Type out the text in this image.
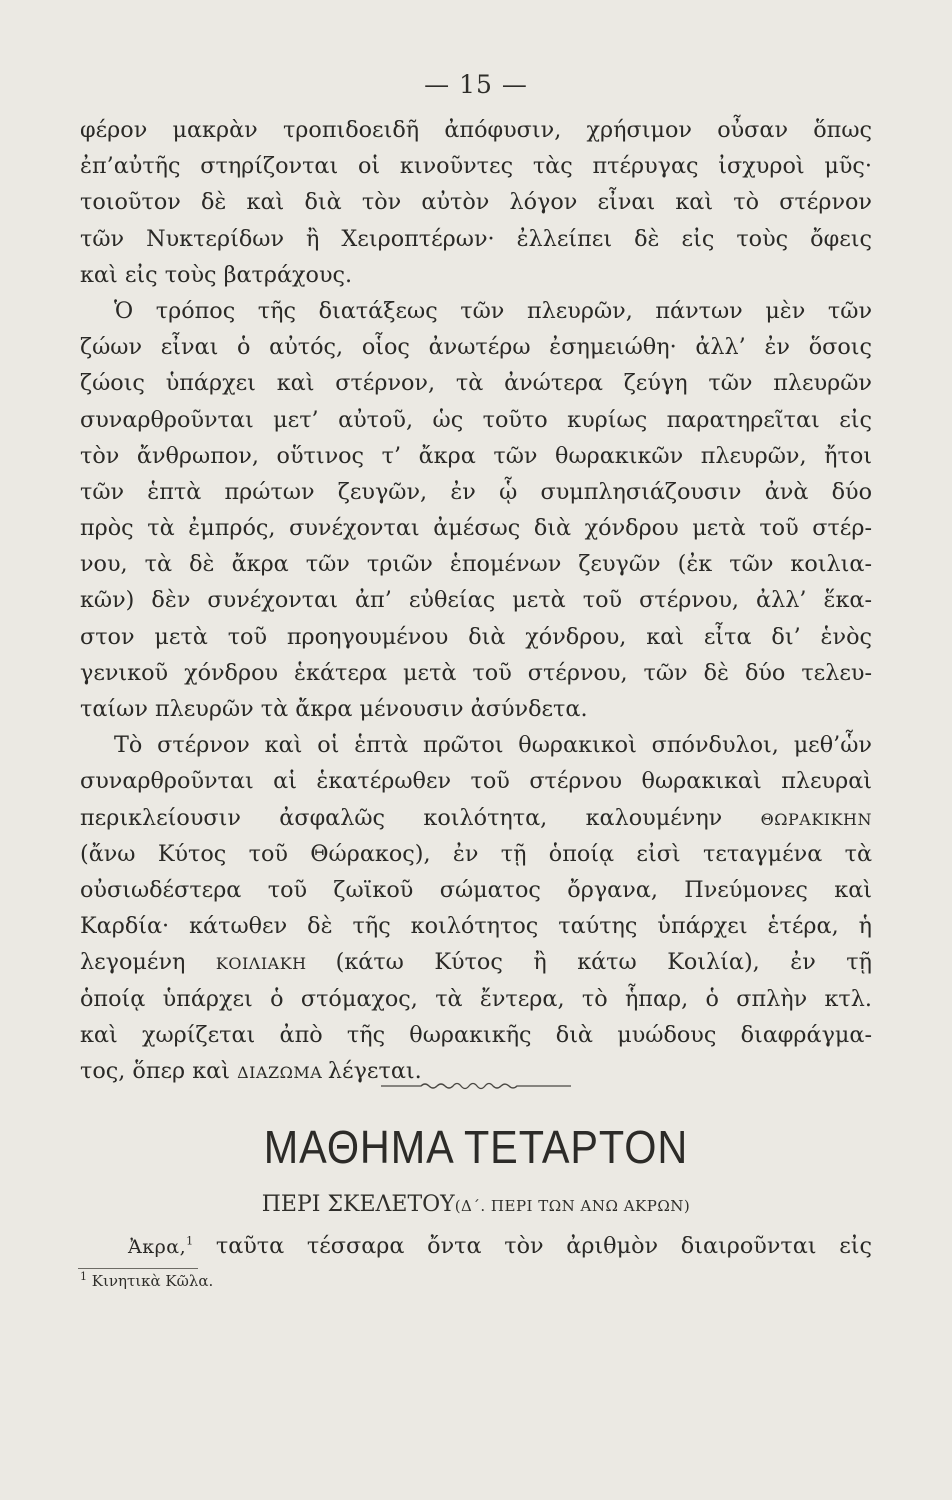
— 15 —
φέρον μακρὰν τροπιδοειδῆ ἀπόφυσιν, χρήσιμον οὖσαν ὅπως
ἐπ’αὐτῆς στηρίζονται οἱ κινοῦντες τὰς πτέρυγας ἰσχυροὶ μῦς·
τοιοῦτον δὲ καὶ διὰ τὸν αὐτὸν λόγον εἶναι καὶ τὸ στέρνον
τῶν Νυκτερίδων ἢ Χειροπτέρων· ἐλλείπει δὲ εἰς τοὺς ὄφεις
καὶ εἰς τοὺς βατράχους.
Ὁ τρόπος τῆς διατάξεως τῶν πλευρῶν, πάντων μὲν τῶν
ζώων εἶναι ὁ αὐτός, οἷος ἀνωτέρω ἐσημειώθη· ἀλλ’ ἐν ὅσοις
ζώοις ὑπάρχει καὶ στέρνον, τὰ ἀνώτερα ζεύγη τῶν πλευρῶν
συναρθροῦνται μετ’ αὐτοῦ, ὡς τοῦτο κυρίως παρατηρεῖται εἰς
τὸν ἄνθρωπον, οὕτινος τ’ ἄκρα τῶν θωρακικῶν πλευρῶν, ἤτοι
τῶν ἑπτὰ πρώτων ζευγῶν, ἐν ᾧ συμπλησιάζουσιν ἀνὰ δύο
πρὸς τὰ ἐμπρός, συνέχονται ἀμέσως διὰ χόνδρου μετὰ τοῦ στέρ-
νου, τὰ δὲ ἄκρα τῶν τριῶν ἑπομένων ζευγῶν (ἐκ τῶν κοιλια-
κῶν) δὲν συνέχονται ἀπ’ εὐθείας μετὰ τοῦ στέρνου, ἀλλ’ ἕκα-
στον μετὰ τοῦ προηγουμένου διὰ χόνδρου, καὶ εἶτα δι’ ἑνὸς
γενικοῦ χόνδρου ἑκάτερα μετὰ τοῦ στέρνου, τῶν δὲ δύο τελευ-
ταίων πλευρῶν τὰ ἄκρα μένουσιν ἀσύνδετα.
Τὸ στέρνον καὶ οἱ ἑπτὰ πρῶτοι θωρακικοὶ σπόνδυλοι, μεθ’ὧν
συναρθροῦνται αἱ ἑκατέρωθεν τοῦ στέρνου θωρακικαὶ πλευραὶ
περικλείουσιν ἀσφαλῶς κοιλότητα, καλουμένην ΘΩΡΑΚΙΚΗΝ
(ἄνω Κύτος τοῦ Θώρακος), ἐν τῇ ὁποίᾳ εἰσὶ τεταγμένα τὰ
οὐσιωδέστερα τοῦ ζωϊκοῦ σώματος ὄργανα, Πνεύμονες καὶ
Καρδία· κάτωθεν δὲ τῆς κοιλότητος ταύτης ὑπάρχει ἑτέρα, ἡ
λεγομένη ΚΟΙΛΙΑΚΗ (κάτω Κύτος ἢ κάτω Κοιλία), ἐν τῇ
ὁποίᾳ ὑπάρχει ὁ στόμαχος, τὰ ἔντερα, τὸ ἧπαρ, ὁ σπλὴν κτλ.
καὶ χωρίζεται ἀπὸ τῆς θωρακικῆς διὰ μυώδους διαφράγμα-
τος, ὅπερ καὶ ΔΙΑΖΩΜΑ λέγεται.
ΜΑΘΗΜΑ ΤΕΤΑΡΤΟΝ
ΠΕΡΙ ΣΚΕΛΕΤΟΥ(Δ΄. ΠΕΡΙ ΤΩΝ ΑΝΩ ΑΚΡΩΝ)
Ἀκρα,$^1$ ταῦτα τέσσαρα ὄντα τὸν ἀριθμὸν διαιροῦνται εἰς
$^1$ Κινητικὰ Κῶλα.
